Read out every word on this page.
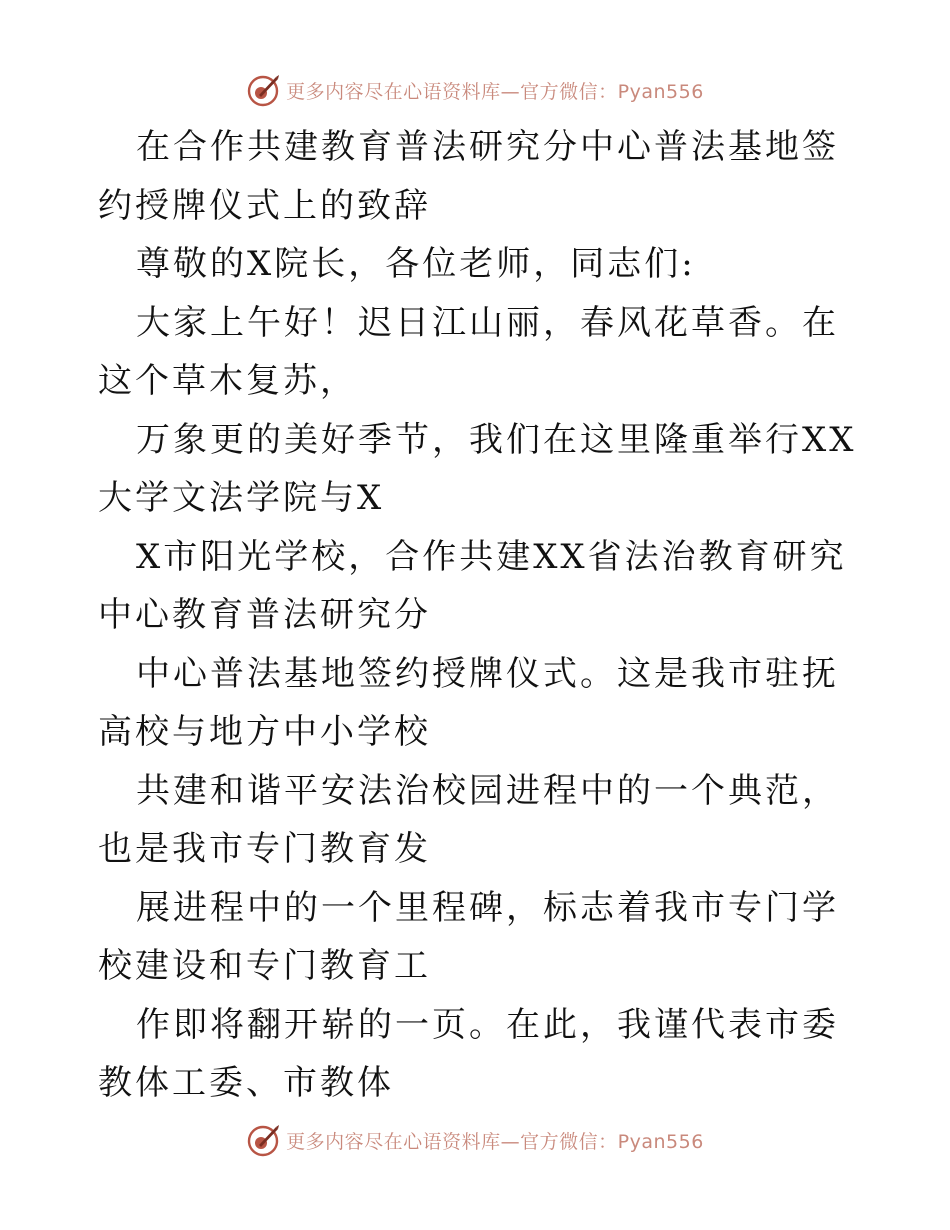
更多内容尽在心语资料库—官方微信：Pyan556

在合作共建教育普法研究分中心普法基地签约授牌仪式上的致辞

尊敬的X院长，各位老师，同志们:

大家上午好！迟日江山丽，春风花草香。在这个草木复苏，

万象更的美好季节，我们在这里隆重举行XX大学文法学院与X

X市阳光学校，合作共建XX省法治教育研究中心教育普法研究分

中心普法基地签约授牌仪式。这是我市驻抚高校与地方中小学校

共建和谐平安法治校园进程中的一个典范，也是我市专门教育发

展进程中的一个里程碑，标志着我市专门学校建设和专门教育工

作即将翻开崭的一页。在此，我谨代表市委教体工委、市教体

更多内容尽在心语资料库—官方微信：Pyan556
